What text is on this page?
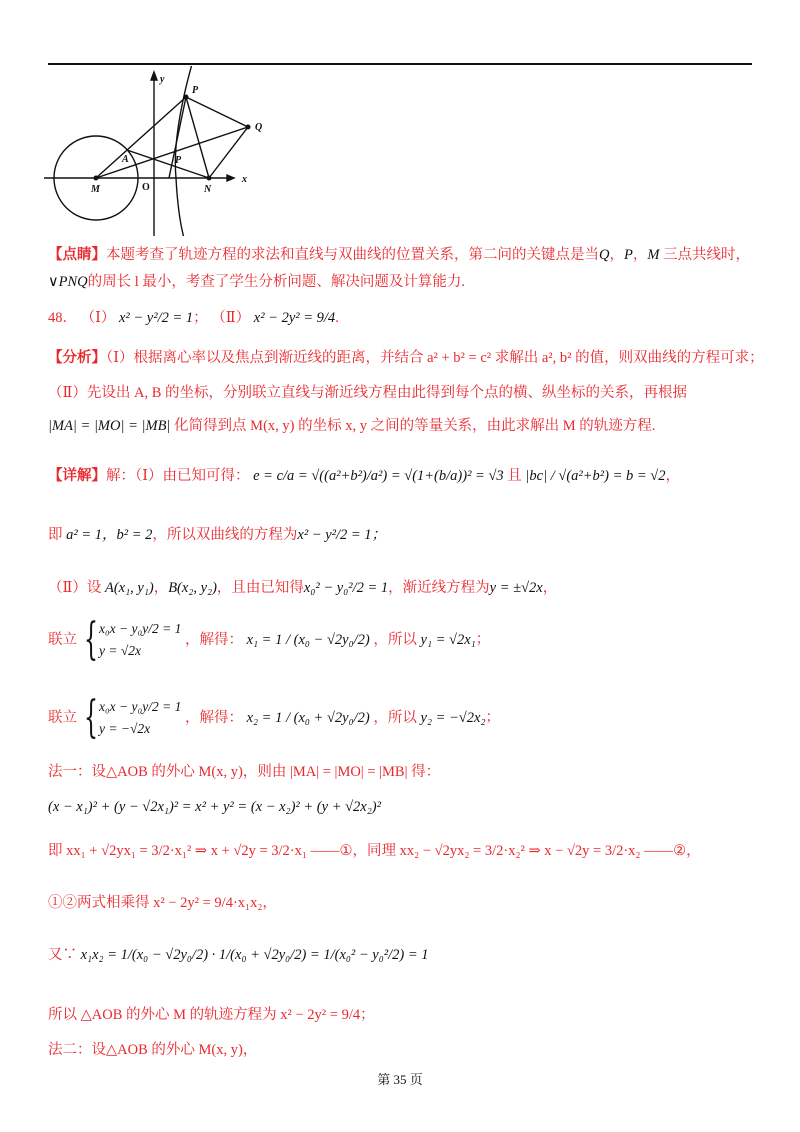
y
x
M	N
A
P
P
Q
O
【点睛】本题考查了轨迹方程的求法和直线与双曲线的位置关系，第二问的关键点是当Q，P，M 三点共线时，
∨PNQ的周长 l 最小，考查了学生分析问题、解决问题及计算能力.
48． （Ⅰ） x² − y²/2 = 1； （Ⅱ） x² − 2y² = 9/4.
【分析】（Ⅰ）根据离心率以及焦点到渐近线的距离，并结合 a² + b² = c² 求解出 a², b² 的值，则双曲线的方程可求；
（Ⅱ）先设出 A, B 的坐标，分别联立直线与渐近线方程由此得到每个点的横、纵坐标的关系，再根据
|MA| = |MO| = |MB| 化简得到点 M(x, y) 的坐标 x, y 之间的等量关系，由此求解出 M 的轨迹方程.
【详解】解：（Ⅰ）由已知可得： e = c/a = √((a²+b²)/a²) = √(1+(b/a))² = √3 且 |bc| / √(a²+b²) = b = √2，
即 a² = 1，b² = 2，所以双曲线的方程为x² − y²/2 = 1；
（Ⅱ）设 A(x₁, y₁)，B(x₂, y₂)，且由已知得x₀² − y₀²/2 = 1，渐近线方程为y = ±√2x，
联立 { x₀x − y₀y/2 = 1
y = √2x
，解得： x₁ = 1 / (x₀ − √2y₀/2) ，所以 y₁ = √2x₁；
联立 { x₀x − y₀y/2 = 1
y = −√2x
，解得： x₂ = 1 / (x₀ + √2y₀/2) ，所以 y₂ = −√2x₂；
法一：设△AOB 的外心 M(x, y)，则由 |MA| = |MO| = |MB| 得：
(x − x₁)² + (y − √2x₁)² = x² + y² = (x − x₂)² + (y + √2x₂)²
即 xx₁ + √2yx₁ = 3/2·x₁² ⇒ x + √2y = 3/2·x₁ ——①，同理 xx₂ − √2yx₂ = 3/2·x₂² ⇒ x − √2y = 3/2·x₂ ——②，
①②两式相乘得 x² − 2y² = 9/4·x₁x₂，
又∵ x₁x₂ = 1/(x₀ − √2y₀/2) · 1/(x₀ + √2y₀/2) = 1/(x₀² − y₀²/2) = 1
所以 △AOB 的外心 M 的轨迹方程为 x² − 2y² = 9/4；
法二：设△AOB 的外心 M(x, y)，
第 35 页
